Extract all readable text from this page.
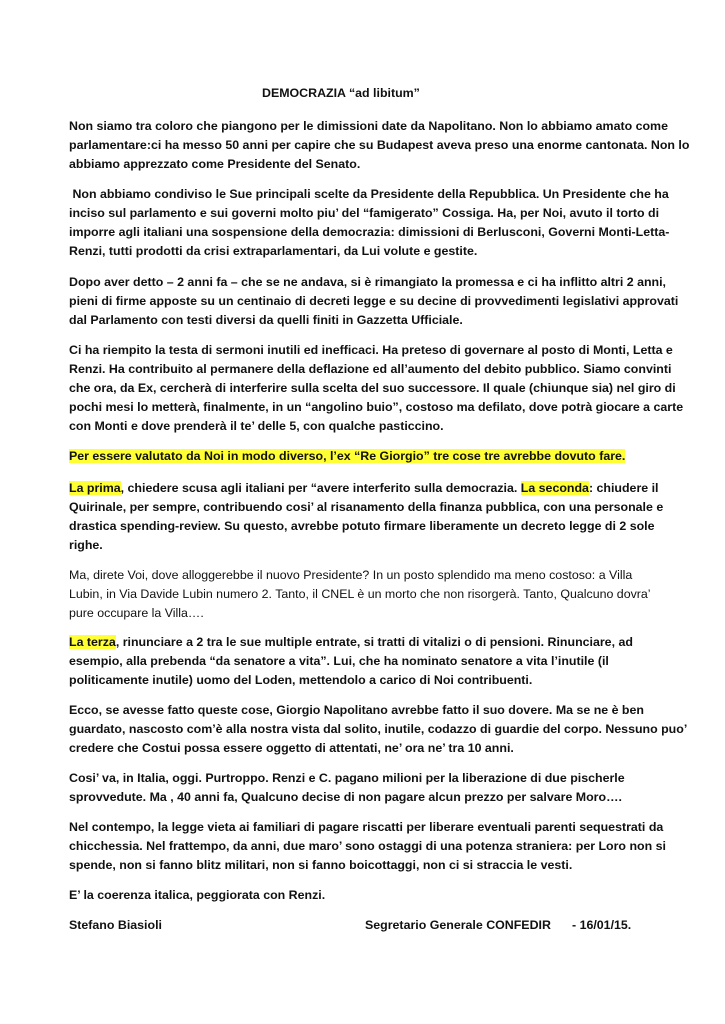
DEMOCRAZIA “ad libitum”
Non siamo tra coloro che piangono per le dimissioni date da Napolitano. Non lo abbiamo amato come
parlamentare:ci ha messo 50 anni per capire che su Budapest aveva preso una enorme cantonata. Non lo
abbiamo apprezzato come Presidente del Senato.
Non abbiamo condiviso le Sue principali scelte da Presidente della Repubblica. Un Presidente che ha
inciso sul parlamento e sui governi molto piu’ del “famigerato” Cossiga. Ha, per Noi, avuto il torto di
imporre agli italiani una sospensione della democrazia: dimissioni di Berlusconi, Governi Monti-Letta-
Renzi, tutti prodotti da crisi extraparlamentari, da Lui volute e gestite.
Dopo aver detto – 2 anni fa – che se ne andava, si è rimangiato la promessa e ci ha inflitto altri 2 anni,
pieni di firme apposte su un centinaio di decreti legge e su decine di provvedimenti legislativi approvati
dal Parlamento con testi diversi da quelli finiti in Gazzetta Ufficiale.
Ci ha riempito la testa di sermoni inutili ed inefficaci. Ha preteso di governare al posto di Monti, Letta e
Renzi. Ha contribuito al permanere della deflazione ed all’aumento del debito pubblico. Siamo convinti
che ora, da Ex, cercherà di interferire sulla scelta del suo successore. Il quale (chiunque sia) nel giro di
pochi mesi lo metterà, finalmente, in un “angolino buio”, costoso ma defilato, dove potrà giocare a carte
con Monti e dove prenderà il te’ delle 5, con qualche pasticcino.
Per essere valutato da Noi in modo diverso, l’ex “Re Giorgio” tre cose tre avrebbe dovuto fare.
La prima, chiedere scusa agli italiani per “avere interferito sulla democrazia. La seconda: chiudere il
Quirinale, per sempre, contribuendo cosi’ al risanamento della finanza pubblica, con una personale e
drastica spending-review. Su questo, avrebbe potuto firmare liberamente un decreto legge di 2 sole
righe.
Ma, direte Voi, dove alloggerebbe il nuovo Presidente? In un posto splendido ma meno costoso: a Villa
Lubin, in Via Davide Lubin numero 2. Tanto, il CNEL è un morto che non risorgerà. Tanto, Qualcuno dovra’
pure occupare la Villa….
La terza, rinunciare a 2 tra le sue multiple entrate, si tratti di vitalizi o di pensioni. Rinunciare, ad
esempio, alla prebenda “da senatore a vita”. Lui, che ha nominato senatore a vita l’inutile (il
politicamente inutile) uomo del Loden, mettendolo a carico di Noi contribuenti.
Ecco, se avesse fatto queste cose, Giorgio Napolitano avrebbe fatto il suo dovere. Ma se ne è ben
guardato, nascosto com’è alla nostra vista dal solito, inutile, codazzo di guardie del corpo. Nessuno puo’
credere che Costui possa essere oggetto di attentati, ne’ ora ne’ tra 10 anni.
Cosi’ va, in Italia, oggi. Purtroppo. Renzi e C. pagano milioni per la liberazione di due pischerle
sprovvedute. Ma , 40 anni fa, Qualcuno decise di non pagare alcun prezzo per salvare Moro….
Nel contempo, la legge vieta ai familiari di pagare riscatti per liberare eventuali parenti sequestrati da
chicchessia. Nel frattempo, da anni, due maro’ sono ostaggi di una potenza straniera: per Loro non si
spende, non si fanno blitz militari, non si fanno boicottaggi, non ci si straccia le vesti.
E’ la coerenza italica, peggiorata con Renzi.
Stefano Biasioli	Segretario Generale CONFEDIR - 16/01/15.
